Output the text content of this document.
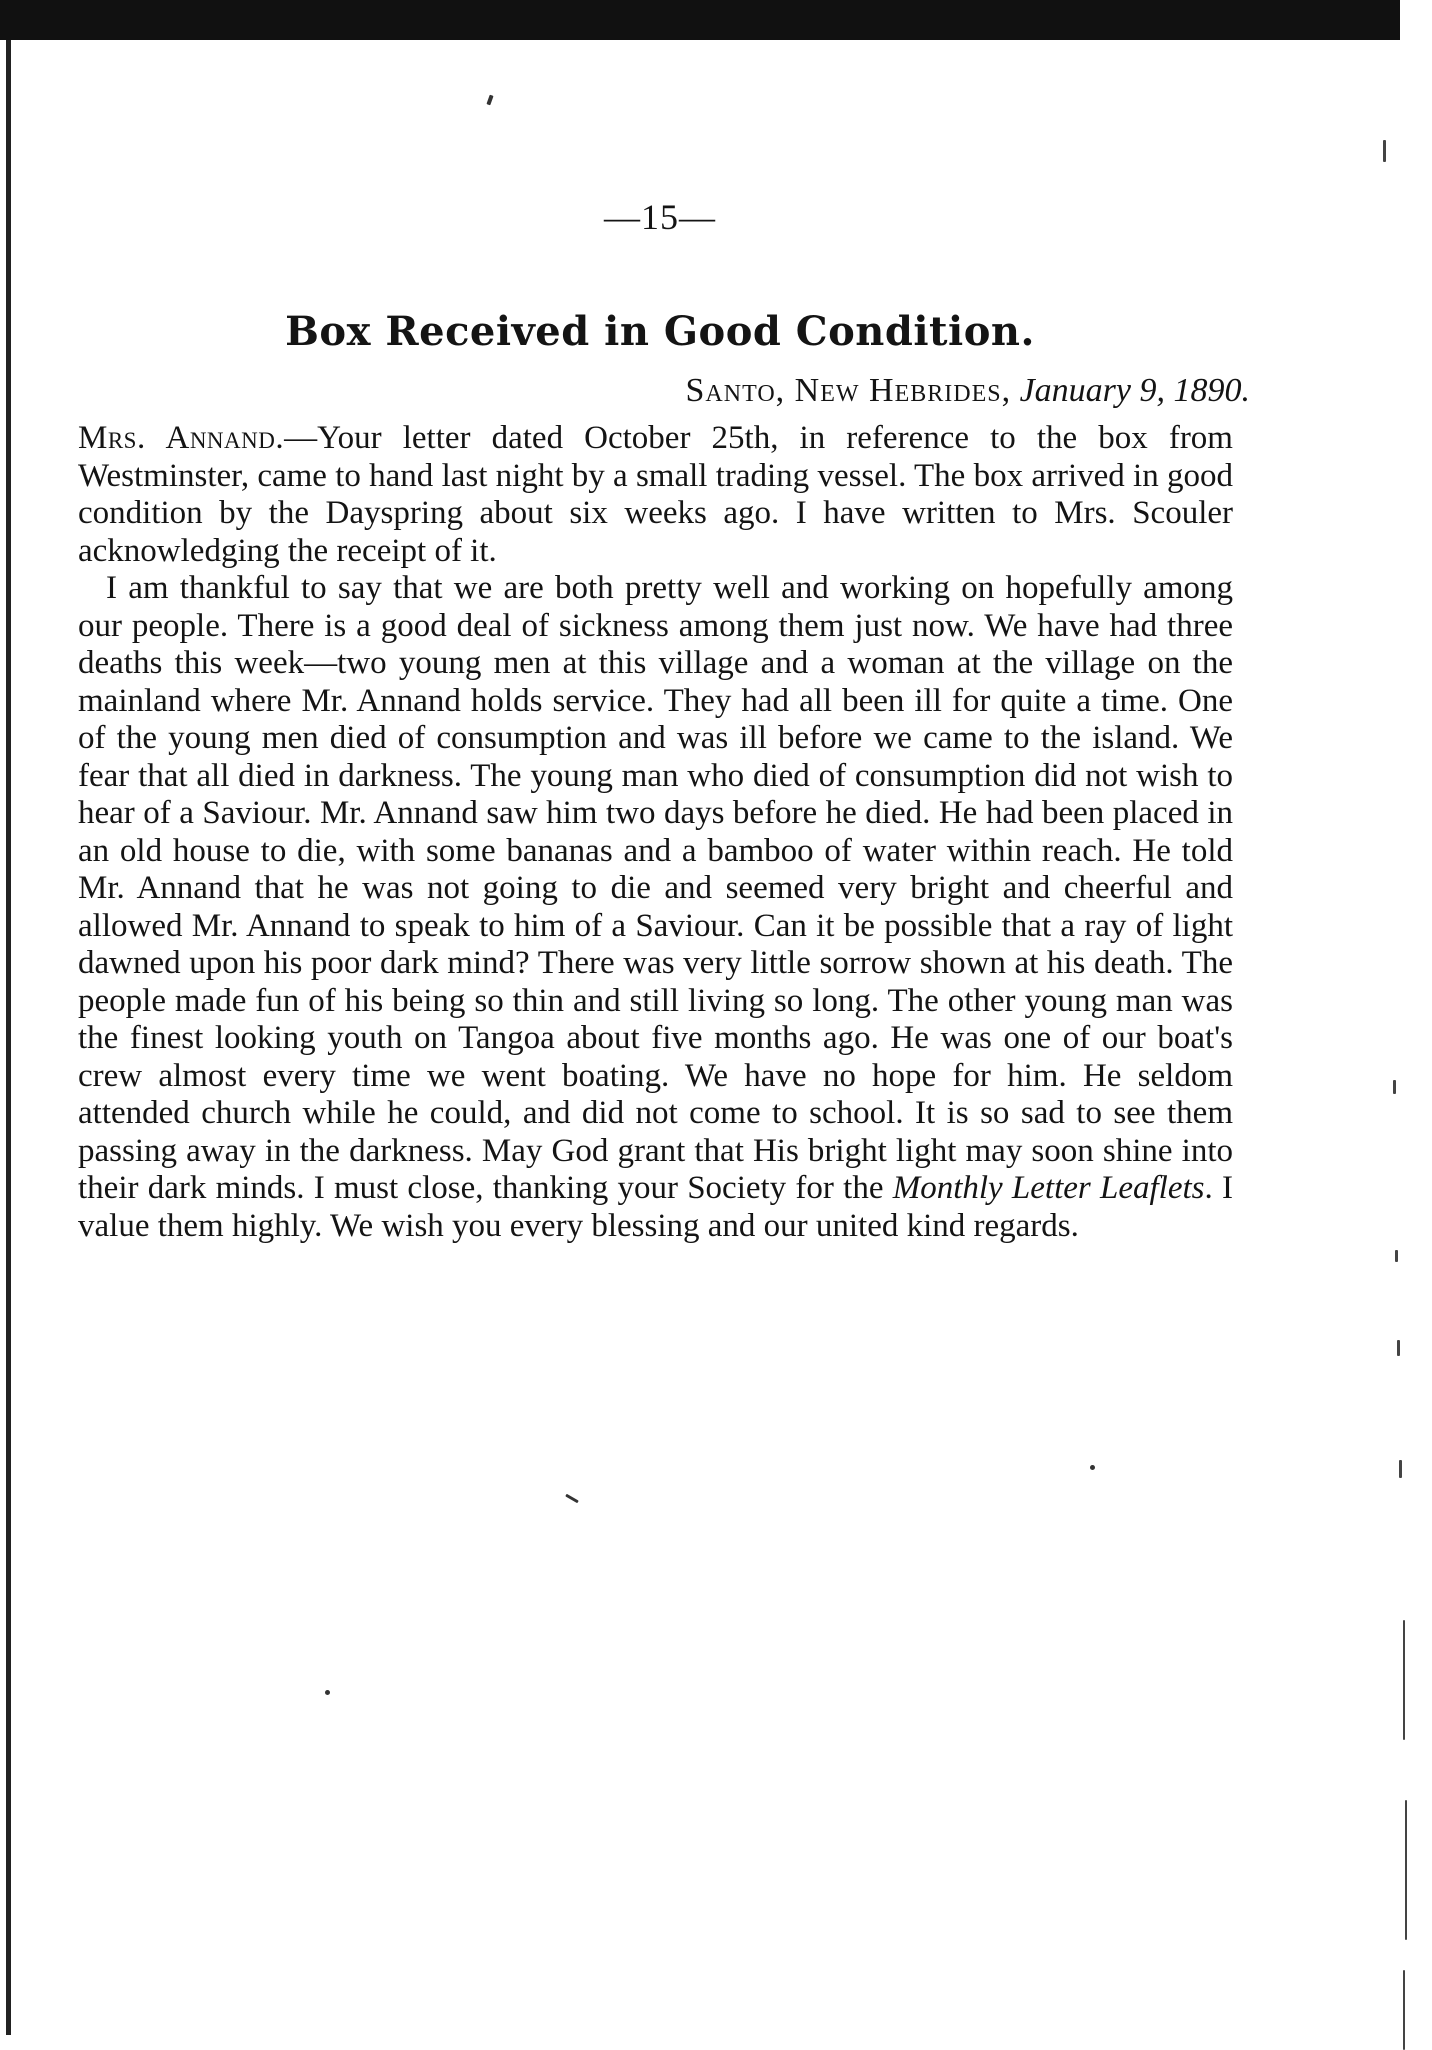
—15—
Box Received in Good Condition.
Santo, New Hebrides, January 9, 1890.

Mrs. Annand.—Your letter dated October 25th, in reference to the box from Westminster, came to hand last night by a small trading vessel. The box arrived in good condition by the Dayspring about six weeks ago. I have written to Mrs. Scouler acknowledging the receipt of it.

I am thankful to say that we are both pretty well and working on hopefully among our people. There is a good deal of sickness among them just now. We have had three deaths this week—two young men at this village and a woman at the village on the mainland where Mr. Annand holds service. They had all been ill for quite a time. One of the young men died of consumption and was ill before we came to the island. We fear that all died in darkness. The young man who died of consumption did not wish to hear of a Saviour. Mr. Annand saw him two days before he died. He had been placed in an old house to die, with some bananas and a bamboo of water within reach. He told Mr. Annand that he was not going to die and seemed very bright and cheerful and allowed Mr. Annand to speak to him of a Saviour. Can it be possible that a ray of light dawned upon his poor dark mind? There was very little sorrow shown at his death. The people made fun of his being so thin and still living so long. The other young man was the finest looking youth on Tangoa about five months ago. He was one of our boat's crew almost every time we went boating. We have no hope for him. He seldom attended church while he could, and did not come to school. It is so sad to see them passing away in the darkness. May God grant that His bright light may soon shine into their dark minds. I must close, thanking your Society for the Monthly Letter Leaflets. I value them highly. We wish you every blessing and our united kind regards.
